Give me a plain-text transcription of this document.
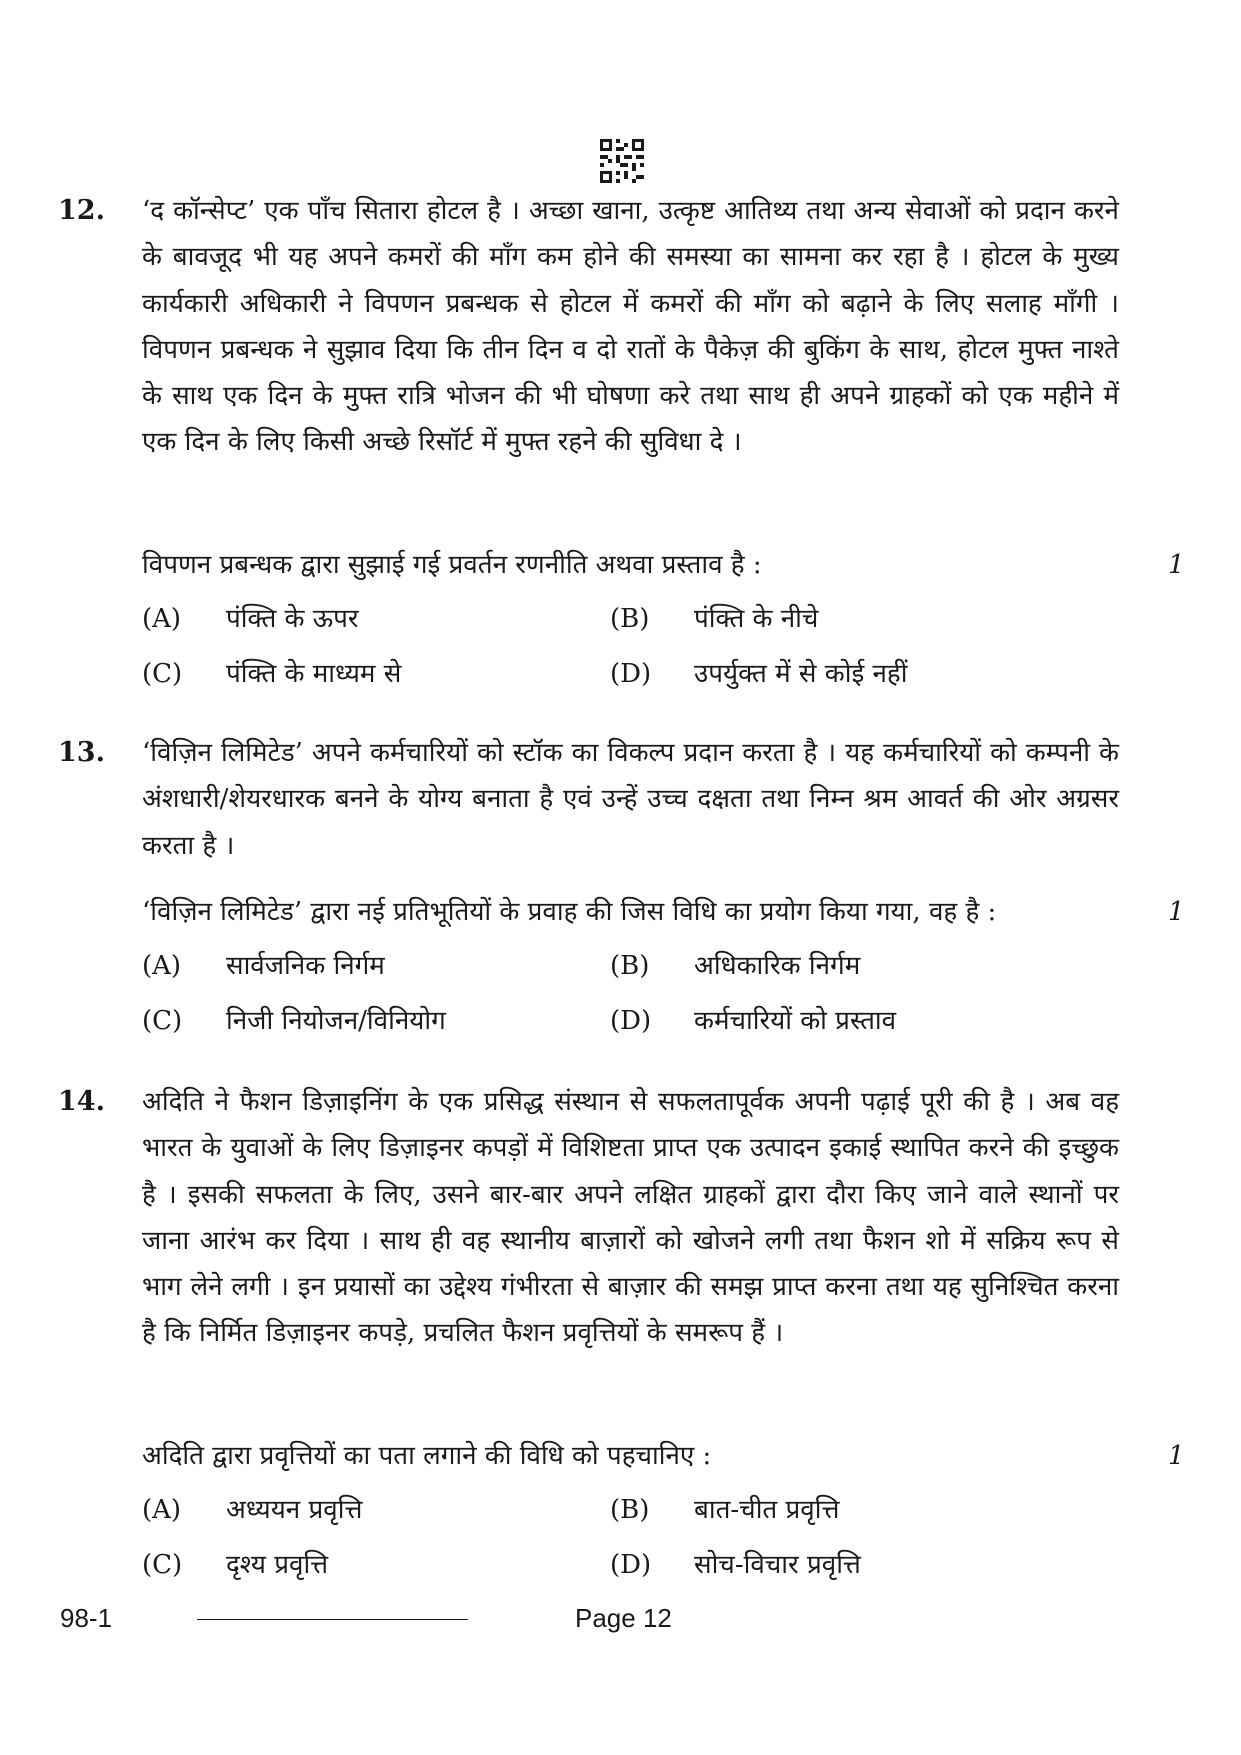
12. ‘द कॉन्सेप्ट’ एक पाँच सितारा होटल है । अच्छा खाना, उत्कृष्ट आतिथ्य तथा अन्य सेवाओं को प्रदान करने के बावजूद भी यह अपने कमरों की माँग कम होने की समस्या का सामना कर रहा है । होटल के मुख्य कार्यकारी अधिकारी ने विपणन प्रबन्धक से होटल में कमरों की माँग को बढ़ाने के लिए सलाह माँगी । विपणन प्रबन्धक ने सुझाव दिया कि तीन दिन व दो रातों के पैकेज़ की बुकिंग के साथ, होटल मुफ्त नाश्ते के साथ एक दिन के मुफ्त रात्रि भोजन की भी घोषणा करे तथा साथ ही अपने ग्राहकों को एक महीने में एक दिन के लिए किसी अच्छे रिसॉर्ट में मुफ्त रहने की सुविधा दे ।

विपणन प्रबन्धक द्वारा सुझाई गई प्रवर्तन रणनीति अथवा प्रस्ताव है :	1
(A) पंक्ति के ऊपर	(B) पंक्ति के नीचे
(C) पंक्ति के माध्यम से	(D) उपर्युक्त में से कोई नहीं
13. ‘विज़िन लिमिटेड’ अपने कर्मचारियों को स्टॉक का विकल्प प्रदान करता है । यह कर्मचारियों को कम्पनी के अंशधारी/शेयरधारक बनने के योग्य बनाता है एवं उन्हें उच्च दक्षता तथा निम्न श्रम आवर्त की ओर अग्रसर करता है ।

‘विज़िन लिमिटेड’ द्वारा नई प्रतिभूतियों के प्रवाह की जिस विधि का प्रयोग किया गया, वह है :	1
(A) सार्वजनिक निर्गम	(B) अधिकारिक निर्गम
(C) निजी नियोजन/विनियोग	(D) कर्मचारियों को प्रस्ताव
14. अदिति ने फैशन डिज़ाइनिंग के एक प्रसिद्ध संस्थान से सफलतापूर्वक अपनी पढ़ाई पूरी की है । अब वह भारत के युवाओं के लिए डिज़ाइनर कपड़ों में विशिष्टता प्राप्त एक उत्पादन इकाई स्थापित करने की इच्छुक है । इसकी सफलता के लिए, उसने बार-बार अपने लक्षित ग्राहकों द्वारा दौरा किए जाने वाले स्थानों पर जाना आरंभ कर दिया । साथ ही वह स्थानीय बाज़ारों को खोजने लगी तथा फैशन शो में सक्रिय रूप से भाग लेने लगी । इन प्रयासों का उद्देश्य गंभीरता से बाज़ार की समझ प्राप्त करना तथा यह सुनिश्चित करना है कि निर्मित डिज़ाइनर कपड़े, प्रचलित फैशन प्रवृत्तियों के समरूप हैं ।

अदिति द्वारा प्रवृत्तियों का पता लगाने की विधि को पहचानिए :	1
(A) अध्ययन प्रवृत्ति	(B) बात-चीत प्रवृत्ति
(C) दृश्य प्रवृत्ति	(D) सोच-विचार प्रवृत्ति
98-1	Page 12
